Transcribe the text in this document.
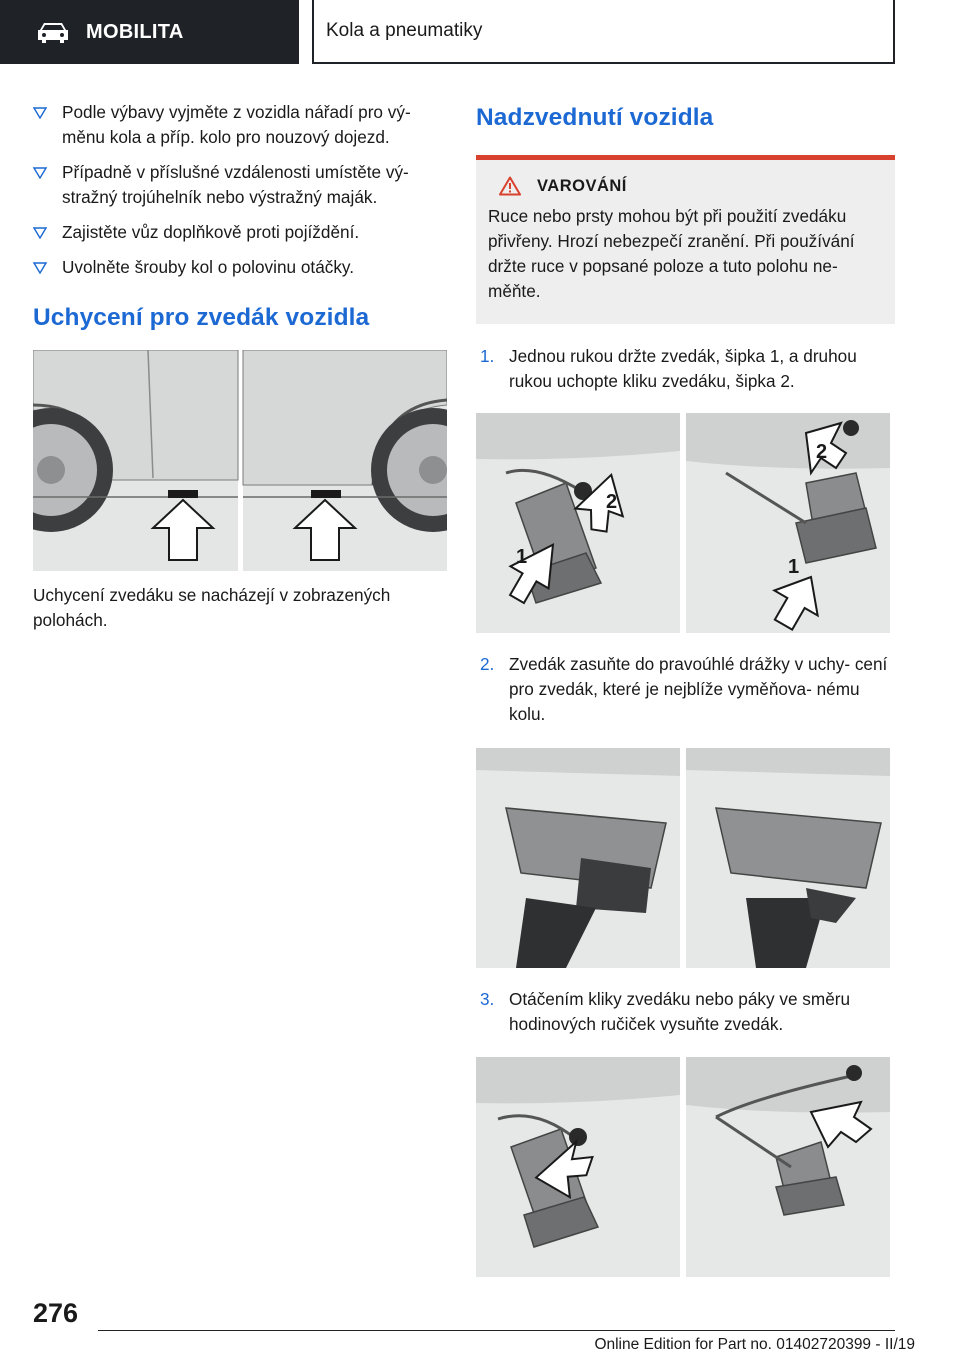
MOBILITA	Kola a pneumatiky
Podle výbavy vyjměte z vozidla nářadí pro vý- měnu kola a příp. kolo pro nouzový dojezd.
Případně v příslušné vzdálenosti umístěte vý- stražný trojúhelník nebo výstražný maják.
Zajistěte vůz doplňkově proti pojíždění.
Uvolněte šrouby kol o polovinu otáčky.
Uchycení pro zvedák vozidla
Uchycení zvedáku se nacházejí v zobrazených polohách.
Nadzvednutí vozidla
VAROVÁNÍ
Ruce nebo prsty mohou být při použití zvedáku přivřeny. Hrozí nebezpečí zranění. Při používání držte ruce v popsané poloze a tuto polohu ne- měňte.
1. Jednou rukou držte zvedák, šipka 1, a druhou rukou uchopte kliku zvedáku, šipka 2.
1
2
1
2
2. Zvedák zasuňte do pravoúhlé drážky v uchy- cení pro zvedák, které je nejblíže vyměňova- nému kolu.
3. Otáčením kliky zvedáku nebo páky ve směru hodinových ručiček vysuňte zvedák.
276
Online Edition for Part no. 01402720399 - II/19
